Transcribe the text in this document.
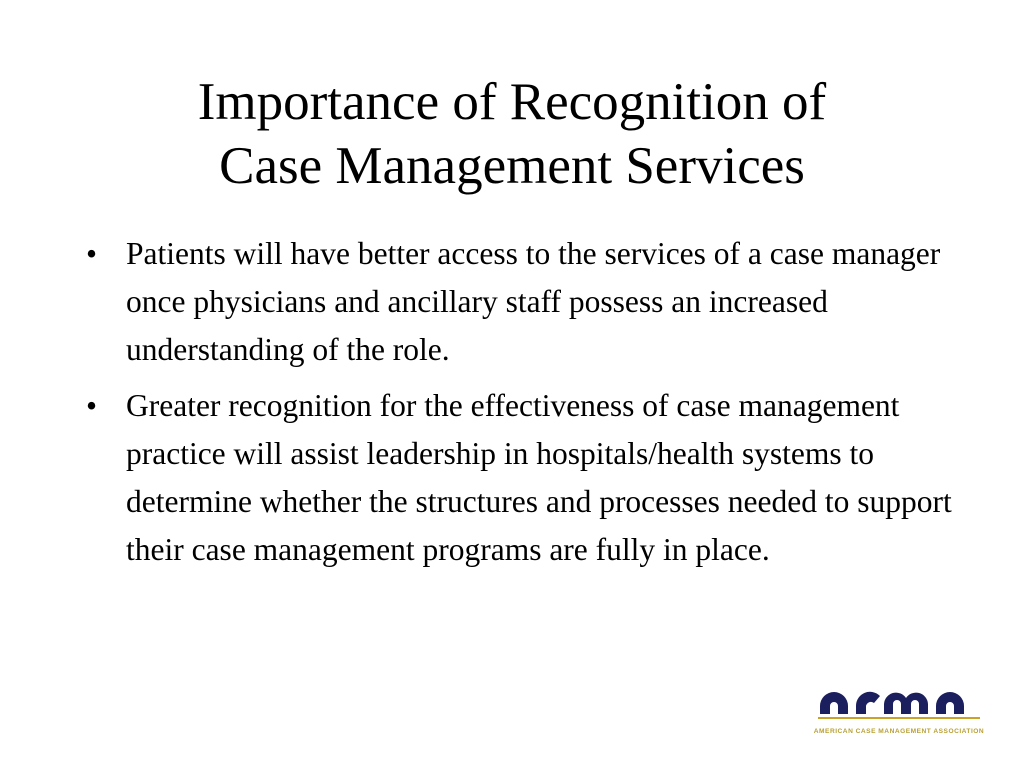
Importance of Recognition of
Case Management Services
• Patients will have better access to the services of a case manager once physicians and ancillary staff possess an increased understanding of the role.
• Greater recognition for the effectiveness of case management practice will assist leadership in hospitals/health systems to determine whether the structures and processes needed to support their case management programs are fully in place.
AMERICAN CASE MANAGEMENT ASSOCIATION
